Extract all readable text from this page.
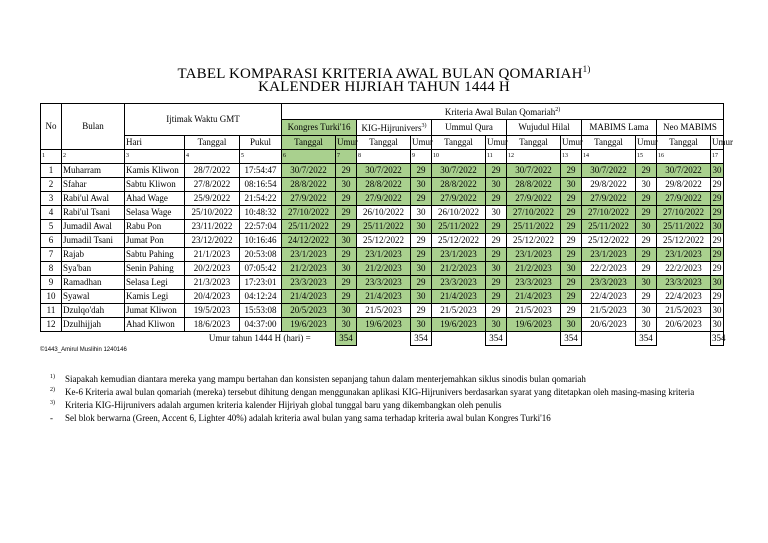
TABEL KOMPARASI KRITERIA AWAL BULAN QOMARIAH$^{1)}$
KALENDER HIJRIAH TAHUN 1444 H
No	Bulan	Ijtimak Waktu GMT			Kriteria Awal Bulan Qomariah$^{2)}$
					Kongres Turki'16		KIG-Hijrunivers$^{3)}$		Ummul Qura		Wujudul Hilal		MABIMS Lama		Neo MABIMS	
		Hari	Tanggal	Pukul	Tanggal	Umur	Tanggal	Umur	Tanggal	Umur	Tanggal	Umur	Tanggal	Umur	Tanggal	Umur
1	2	3	4	5	6	7	8	9	10	11	12	13	14	15	16	17
1	Muharram	Kamis Kliwon	28/7/2022	17:54:47	30/7/2022	29	30/7/2022	29	30/7/2022	29	30/7/2022	29	30/7/2022	29	30/7/2022	30
2	Sfahar	Sabtu Kliwon	27/8/2022	08:16:54	28/8/2022	30	28/8/2022	30	28/8/2022	30	28/8/2022	30	29/8/2022	30	29/8/2022	29
3	Rabi'ul Awal	Ahad Wage	25/9/2022	21:54:22	27/9/2022	29	27/9/2022	29	27/9/2022	29	27/9/2022	29	27/9/2022	29	27/9/2022	29
4	Rabi'ul Tsani	Selasa Wage	25/10/2022	10:48:32	27/10/2022	29	26/10/2022	30	26/10/2022	30	27/10/2022	29	27/10/2022	29	27/10/2022	29
5	Jumadil Awal	Rabu Pon	23/11/2022	22:57:04	25/11/2022	29	25/11/2022	30	25/11/2022	29	25/11/2022	29	25/11/2022	30	25/11/2022	30
6	Jumadil Tsani	Jumat Pon	23/12/2022	10:16:46	24/12/2022	30	25/12/2022	29	25/12/2022	29	25/12/2022	29	25/12/2022	29	25/12/2022	29
7	Rajab	Sabtu Pahing	21/1/2023	20:53:08	23/1/2023	29	23/1/2023	29	23/1/2023	29	23/1/2023	29	23/1/2023	29	23/1/2023	29
8	Sya'ban	Senin Pahing	20/2/2023	07:05:42	21/2/2023	30	21/2/2023	30	21/2/2023	30	21/2/2023	30	22/2/2023	29	22/2/2023	29
9	Ramadhan	Selasa Legi	21/3/2023	17:23:01	23/3/2023	29	23/3/2023	29	23/3/2023	29	23/3/2023	29	23/3/2023	30	23/3/2023	30
10	Syawal	Kamis Legi	20/4/2023	04:12:24	21/4/2023	29	21/4/2023	30	21/4/2023	29	21/4/2023	29	22/4/2023	29	22/4/2023	29
11	Dzulqo'dah	Jumat Kliwon	19/5/2023	15:53:08	20/5/2023	30	21/5/2023	29	21/5/2023	29	21/5/2023	29	21/5/2023	30	21/5/2023	30
12	Dzulhijjah	Ahad Kliwon	18/6/2023	04:37:00	19/6/2023	30	19/6/2023	30	19/6/2023	30	19/6/2023	30	20/6/2023	30	20/6/2023	30
			Umur tahun 1444 H (hari) =			354		354		354		354		354		354
©1443_Amirul Muslihin 1240146
1) Siapakah kemudian diantara mereka yang mampu bertahan dan konsisten sepanjang tahun dalam menterjemahkan siklus sinodis bulan qomariah
2) Ke-6 Kriteria awal bulan qomariah (mereka) tersebut dihitung dengan menggunakan aplikasi KIG-Hijrunivers berdasarkan syarat yang ditetapkan oleh masing-masing kriteria
3) Kriteria KIG-Hijrunivers adalah argumen kriteria kalender Hijriyah global tunggal baru yang dikembangkan oleh penulis
- Sel blok berwarna (Green, Accent 6, Lighter 40%) adalah kriteria awal bulan yang sama terhadap kriteria awal bulan Kongres Turki'16
